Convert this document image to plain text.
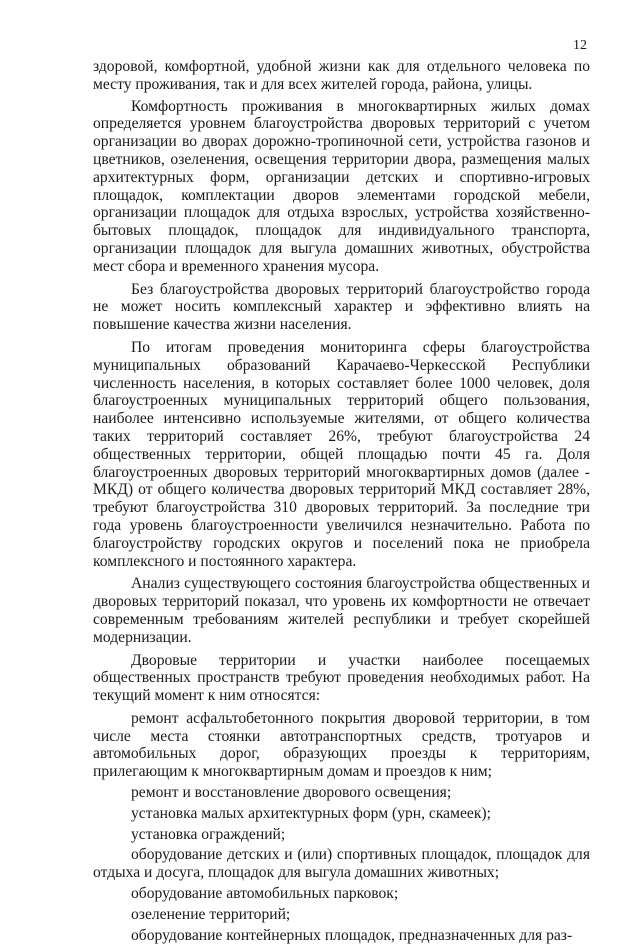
12

здоровой, комфортной, удобной жизни как для отдельного человека по месту проживания, так и для всех жителей города, района, улицы.

Комфортность проживания в многоквартирных жилых домах определяется уровнем благоустройства дворовых территорий с учетом организации во дворах дорожно-тропиночной сети, устройства газонов и цветников, озеленения, освещения территории двора, размещения малых архитектурных форм, организации детских и спортивно-игровых площадок, комплектации дворов элементами городской мебели, организации площадок для отдыха взрослых, устройства хозяйственно-бытовых площадок, площадок для индивидуального транспорта, организации площадок для выгула домашних животных, обустройства мест сбора и временного хранения мусора.

Без благоустройства дворовых территорий благоустройство города не может носить комплексный характер и эффективно влиять на повышение качества жизни населения.

По итогам проведения мониторинга сферы благоустройства муниципальных образований Карачаево-Черкесской Республики численность населения, в которых составляет более 1000 человек, доля благоустроенных муниципальных территорий общего пользования, наиболее интенсивно используемые жителями, от общего количества таких территорий составляет 26%, требуют благоустройства 24 общественных территории, общей площадью почти 45 га. Доля благоустроенных дворовых территорий многоквартирных домов (далее - МКД) от общего количества дворовых территорий МКД составляет 28%, требуют благоустройства 310 дворовых территорий. За последние три года уровень благоустроенности увеличился незначительно. Работа по благоустройству городских округов и поселений пока не приобрела комплексного и постоянного характера.

Анализ существующего состояния благоустройства общественных и дворовых территорий показал, что уровень их комфортности не отвечает современным требованиям жителей республики и требует скорейшей модернизации.

Дворовые территории и участки наиболее посещаемых общественных пространств требуют проведения необходимых работ. На текущий момент к ним относятся:

ремонт асфальтобетонного покрытия дворовой территории, в том числе места стоянки автотранспортных средств, тротуаров и автомобильных дорог, образующих проезды к территориям, прилегающим к многоквартирным домам и проездов к ним;

ремонт и восстановление дворового освещения;

установка малых архитектурных форм (урн, скамеек);

установка ограждений;

оборудование детских и (или) спортивных площадок, площадок для отдыха и досуга, площадок для выгула домашних животных;

оборудование автомобильных парковок;

озеленение территорий;

оборудование контейнерных площадок, предназначенных для раз-
